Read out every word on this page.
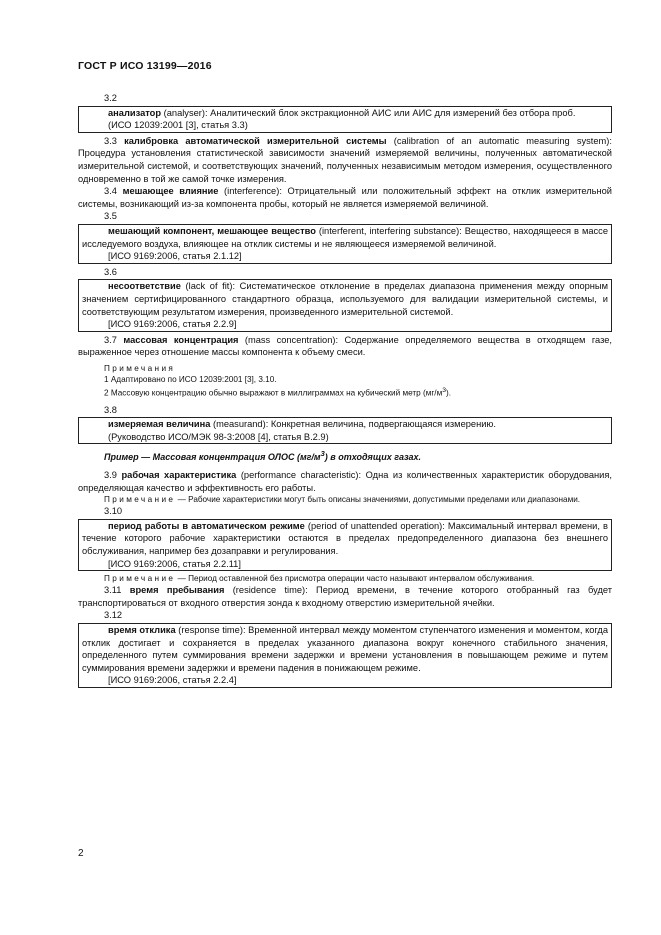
ГОСТ Р ИСО 13199—2016
3.2

анализатор (analyser): Аналитический блок экстракционной АИС или АИС для измерений без отбора проб.

(ИСО 12039:2001 [3], статья 3.3)

3.3 калибровка автоматической измерительной системы (calibration of an automatic measuring system): Процедура установления статистической зависимости значений измеряемой величины, полученных автоматической измерительной системой, и соответствующих значений, полученных независимым методом измерения, осуществленного одновременно в той же самой точке измерения.

3.4 мешающее влияние (interference): Отрицательный или положительный эффект на отклик измерительной системы, возникающий из-за компонента пробы, который не является измеряемой величиной.

3.5

мешающий компонент, мешающее вещество (interferent, interfering substance): Вещество, находящееся в массе исследуемого воздуха, влияющее на отклик системы и не являющееся измеряемой величиной.

[ИСО 9169:2006, статья 2.1.12]

3.6

несоответствие (lack of fit): Систематическое отклонение в пределах диапазона применения между опорным значением сертифицированного стандартного образца, используемого для валидации измерительной системы, и соответствующим результатом измерения, произведенного измерительной системой.

[ИСО 9169:2006, статья 2.2.9]

3.7 массовая концентрация (mass concentration): Содержание определяемого вещества в отходящем газе, выраженное через отношение массы компонента к объему смеси.

Примечания
1 Адаптировано по ИСО 12039:2001 [3], 3.10.
2 Массовую концентрацию обычно выражают в миллиграммах на кубический метр $(мг/м^3)$.
3.8

измеряемая величина (measurand): Конкретная величина, подвергающаяся измерению.

(Руководство ИСО/МЭК 98-3:2008 [4], статья В.2.9)

Пример — Массовая концентрация ОЛОС $(мг/м^3)$ в отходящих газах.

3.9 рабочая характеристика (performance characteristic): Одна из количественных характеристик оборудования, определяющая качество и эффективность его работы.

Примечание — Рабочие характеристики могут быть описаны значениями, допустимыми пределами или диапазонами.

3.10

период работы в автоматическом режиме (period of unattended operation): Максимальный интервал времени, в течение которого рабочие характеристики остаются в пределах предопределенного диапазона без внешнего обслуживания, например без дозаправки и регулирования.

[ИСО 9169:2006, статья 2.2.11]

Примечание — Период оставленной без присмотра операции часто называют интервалом обслуживания.

3.11 время пребывания (residence time): Период времени, в течение которого отобранный газ будет транспортироваться от входного отверстия зонда к входному отверстию измерительной ячейки.

3.12

время отклика (response time): Временной интервал между моментом ступенчатого изменения и моментом, когда отклик достигает и сохраняется в пределах указанного диапазона вокруг конечного стабильного значения, определенного путем суммирования времени задержки и времени установления в повышающем режиме и путем суммирования времени задержки и времени падения в понижающем режиме.

[ИСО 9169:2006, статья 2.2.4]

2
